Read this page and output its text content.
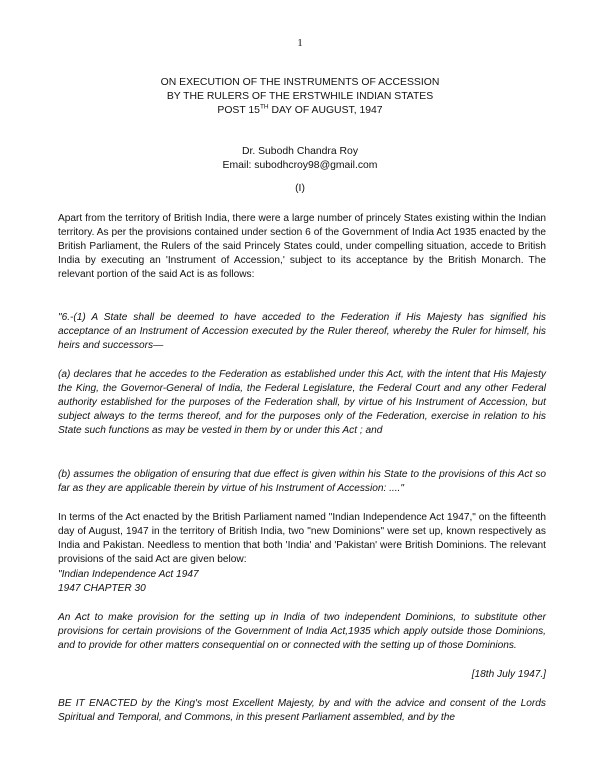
1
ON EXECUTION OF THE INSTRUMENTS OF ACCESSION
BY THE RULERS OF THE ERSTWHILE INDIAN STATES
POST 15TH DAY OF AUGUST, 1947
Dr. Subodh Chandra Roy
Email: subodhcroy98@gmail.com
(I)

Apart from the territory of British India, there were a large number of princely States existing within the Indian territory. As per the provisions contained under section 6 of the Government of India Act 1935 enacted by the British Parliament, the Rulers of the said Princely States could, under compelling situation, accede to British India by executing an 'Instrument of Accession,' subject to its acceptance by the British Monarch. The relevant portion of the said Act is as follows:

"6.-(1) A State shall be deemed to have acceded to the Federation if His Majesty has signified his acceptance of an Instrument of Accession executed by the Ruler thereof, whereby the Ruler for himself, his heirs and successors—

(a) declares that he accedes to the Federation as established under this Act, with the intent that His Majesty the King, the Governor-General of India, the Federal Legislature, the Federal Court and any other Federal authority established for the purposes of the Federation shall, by virtue of his Instrument of Accession, but subject always to the terms thereof, and for the purposes only of the Federation, exercise in relation to his State such functions as may be vested in them by or under this Act ; and

(b) assumes the obligation of ensuring that due effect is given within his State to the provisions of this Act so far as they are applicable therein by virtue of his Instrument of Accession: ...."

In terms of the Act enacted by the British Parliament named "Indian Independence Act 1947," on the fifteenth day of August, 1947 in the territory of British India, two "new Dominions" were set up, known respectively as India and Pakistan. Needless to mention that both 'India' and 'Pakistan' were British Dominions. The relevant provisions of the said Act are given below:

"Indian Independence Act 1947
1947 CHAPTER 30

An Act to make provision for the setting up in India of two independent Dominions, to substitute other provisions for certain provisions of the Government of India Act,1935 which apply outside those Dominions, and to provide for other matters consequential on or connected with the setting up of those Dominions.

[18th July 1947.]

BE IT ENACTED by the King's most Excellent Majesty, by and with the advice and consent of the Lords Spiritual and Temporal, and Commons, in this present Parliament assembled, and by the
